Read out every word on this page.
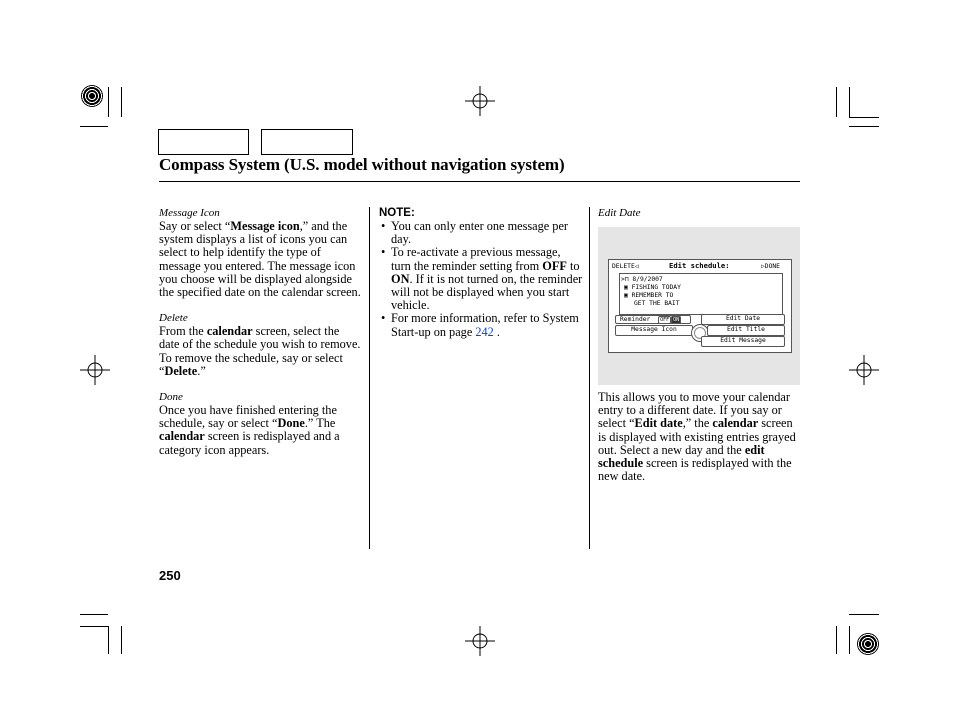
Compass System (U.S. model without navigation system)
Message Icon

Say or select “Message icon,” and the system displays a list of icons you can select to help identify the type of message you entered. The message icon you choose will be displayed alongside the specified date on the calendar screen.

Delete

From the calendar screen, select the date of the schedule you wish to remove. To remove the schedule, say or select “Delete.”

Done

Once you have finished entering the schedule, say or select “Done.” The calendar screen is redisplayed and a category icon appears.

NOTE:
• You can only enter one message per day.
• To re-activate a previous message, turn the reminder setting from OFF to ON. If it is not turned on, the reminder will not be displayed when you start vehicle.
• For more information, refer to System Start-up on page 242 .
Edit Date
DELETE◁	Edit schedule:	▷DONE
>⊓ 8/9/2007
▣ FISHING TODAY
▣ REMEMBER TO
GET THE BAIT
Reminder OFF ON
Message Icon
Edit Date
Edit Title
Edit Message

This allows you to move your calendar entry to a different date. If you say or select “Edit date,” the calendar screen is displayed with existing entries grayed out. Select a new day and the edit schedule screen is redisplayed with the new date.

250
